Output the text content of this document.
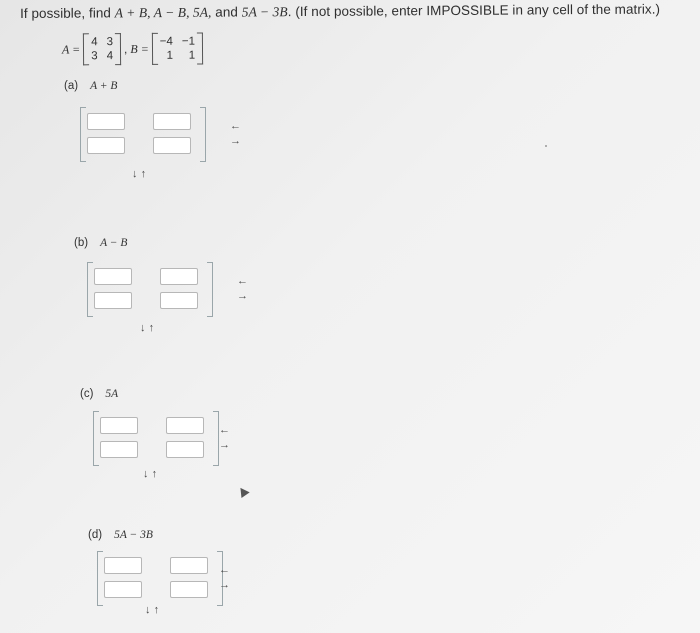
If possible, find A + B, A − B, 5A, and 5A − 3B. (If not possible, enter IMPOSSIBLE in any cell of the matrix.)
A = 4 3
3 4
, B = −4 −1
1	1
(a) A + B
←
→
↓ ↑
(b) A − B
←
→
↓ ↑
(c) 5A
←
→
↓ ↑
(d) 5A − 3B
←
→
↓ ↑
